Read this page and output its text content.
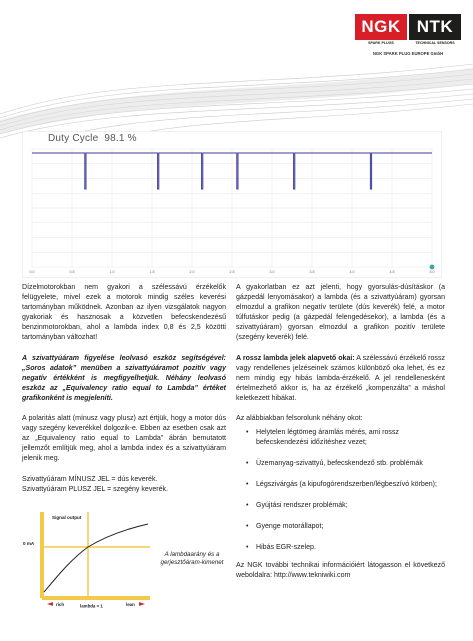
NGK NTK
SPARK PLUGS	TECHNICAL SENSORS
NGK SPARK PLUG EUROPE GmbH
0.0	0.5	1.0	1.5	2.0	2.5	3.0	3.5	4.0	4.5	5.0
Duty Cycle 98.1 %

Dízelmotorokban nem gyakori a szélessávú érzékelők felügyelete, mivel ezek a motorok mindig széles keverési tartományban működnek. Azonban az ilyen vizsgálatok nagyon gyakoriak és hasznosak a közvetlen befecskendezésű benzinmotorokban, ahol a lambda index 0,8 és 2,5 közötti tartományban változhat!

A szivattyúáram figyelése leolvasó eszköz segítségével: „Soros adatok” menüben a szivattyúáramot pozitív vagy negatív értékként is megfigyelhetjük. Néhány leolvasó eszköz az „Equivalency ratio equal to Lambda” értéket grafikonként is megjeleníti.

A polaritás alatt (mínusz vagy plusz) azt értjük, hogy a motor dús vagy szegény keverékkel dolgozik-e. Ebben az esetben csak azt az „Equivalency ratio equal to Lambda” ábrán bemutatott jellemzőt említjük meg, ahol a lambda index és a szivattyúáram jelenik meg.

Szivattyúáram MÍNUSZ JEL = dús keverék.

Szivattyúáram PLUSZ JEL = szegény keverék.

Signal output
0 mA
rich	lean
lambda = 1
A lambdaarány és a gerjesztőáram-kimenet

A gyakorlatban ez azt jelenti, hogy gyorsulás-dúsításkor (a gázpedál lenyomásakor) a lambda (és a szivattyúáram) gyorsan elmozdul a grafikon negatív területe (dús keverék) felé, a motor túlfutáskor pedig (a gázpedál felengedésekor), a lambda (és a szivattyúáram) gyorsan elmozdul a grafikon pozitív területe (szegény keverék) felé.

A rossz lambda jelek alapvető okai: A szélessávú érzékelő rossz vagy rendellenes jelzéseinek számos különböző oka lehet, és ez nem mindig egy hibás lambda-érzékelő. A jel rendellenesként értelmezhető akkor is, ha az érzékelő „kompenzálta” a máshol keletkezett hibákat.

Az alábbiakban felsorolunk néhány okot:

• Helytelen légtömeg áramlás mérés, ami rossz befecskendezési időzítéshez vezet;
• Üzemanyag-szivattyú, befecskendező stb. problémák
• Légszivárgás (a kipufogórendszerben/légbeszívó körben);
• Gyújtási rendszer problémák;
• Gyenge motorállapot;
• Hibás EGR-szelep.

Az NGK további technikai információiért látogasson el következő weboldalra: http://www.tekniwiki.com
